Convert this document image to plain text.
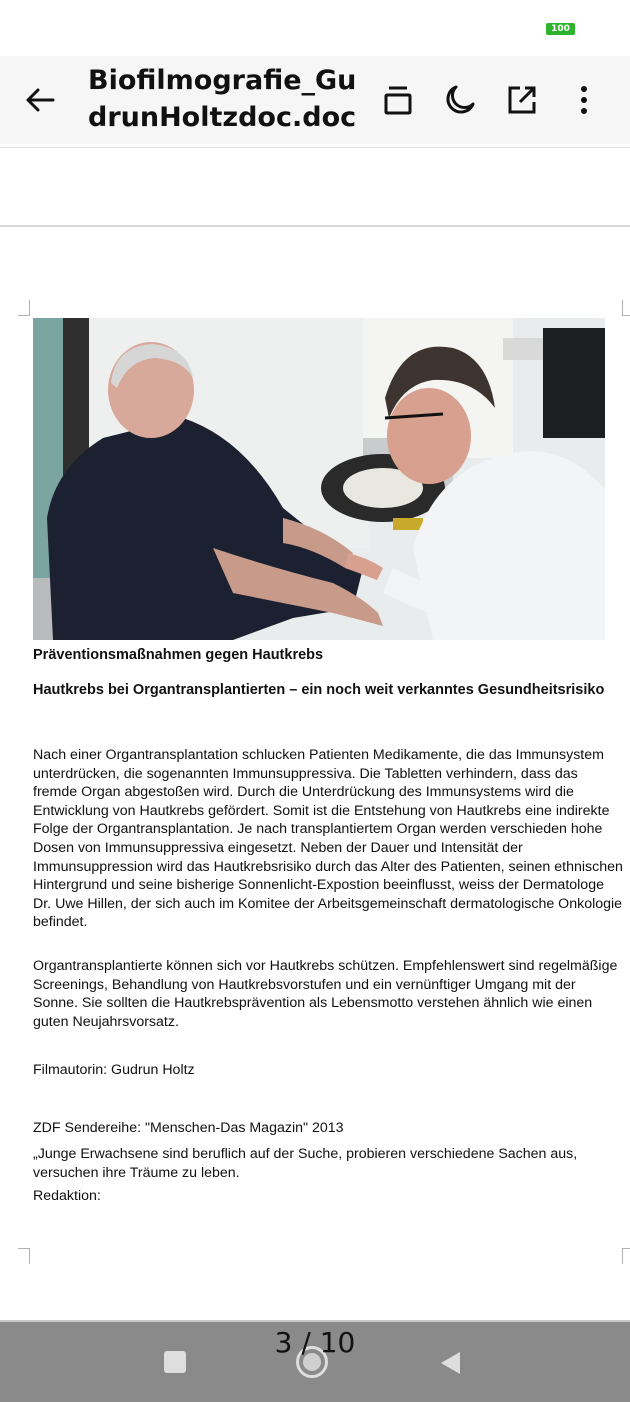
100
Biofilmografie_GudrunHoltzdoc.doc
Präventionsmaßnahmen gegen Hautkrebs
Hautkrebs bei Organtransplantierten – ein noch weit verkanntes Gesundheitsrisiko
Nach einer Organtransplantation schlucken Patienten Medikamente, die das Immunsystem unterdrücken, die sogenannten Immunsuppressiva. Die Tabletten verhindern, dass das fremde Organ abgestoßen wird. Durch die Unterdrückung des Immunsystems wird die Entwicklung von Hautkrebs gefördert. Somit ist die Entstehung von Hautkrebs eine indirekte Folge der Organtransplantation. Je nach transplantiertem Organ werden verschieden hohe Dosen von Immunsuppressiva eingesetzt. Neben der Dauer und Intensität der Immunsuppression wird das Hautkrebsrisiko durch das Alter des Patienten, seinen ethnischen Hintergrund und seine bisherige Sonnenlicht-Expostion beeinflusst, weiss der Dermatologe Dr. Uwe Hillen, der sich auch im Komitee der Arbeitsgemeinschaft dermatologische Onkologie befindet.
Organtransplantierte können sich vor Hautkrebs schützen. Empfehlenswert sind regelmäßige Screenings, Behandlung von Hautkrebsvorstufen und ein vernünftiger Umgang mit der Sonne. Sie sollten die Hautkrebsprävention als Lebensmotto verstehen ähnlich wie einen guten Neujahrsvorsatz.
Filmautorin: Gudrun Holtz
ZDF Sendereihe: "Menschen-Das Magazin" 2013
„Junge Erwachsene sind beruflich auf der Suche, probieren verschiedene Sachen aus, versuchen ihre Träume zu leben.
Redaktion:
3 / 10
